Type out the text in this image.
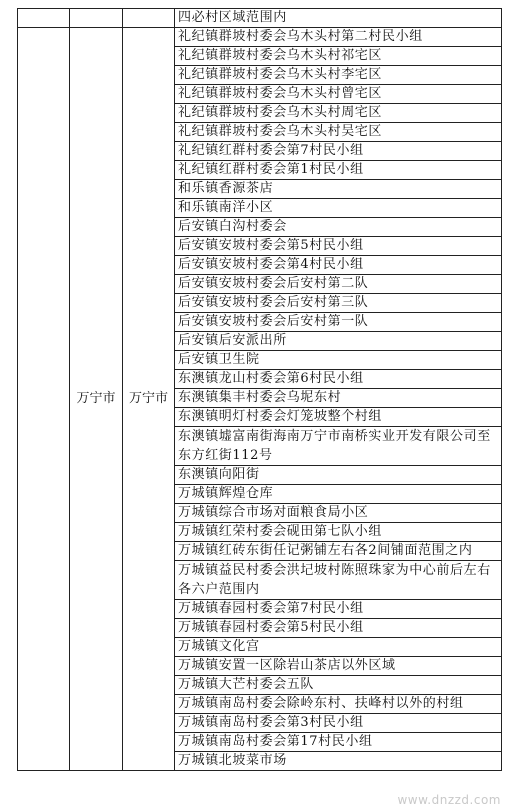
			四必村区域范围内
	万宁市	万宁市	礼纪镇群坡村委会乌木头村第二村民小组
			礼纪镇群坡村委会乌木头村祁宅区
			礼纪镇群坡村委会乌木头村李宅区
			礼纪镇群坡村委会乌木头村曾宅区
			礼纪镇群坡村委会乌木头村周宅区
			礼纪镇群坡村委会乌木头村吴宅区
			礼纪镇红群村委会第7村民小组
			礼纪镇红群村委会第1村民小组
			和乐镇香源茶店
			和乐镇南洋小区
			后安镇白沟村委会
			后安镇安坡村委会第5村民小组
			后安镇安坡村委会第4村民小组
			后安镇安坡村委会后安村第二队
			后安镇安坡村委会后安村第三队
			后安镇安坡村委会后安村第一队
			后安镇后安派出所
			后安镇卫生院
			东澳镇龙山村委会第6村民小组
			东澳镇集丰村委会乌坭东村
			东澳镇明灯村委会灯笼坡整个村组
			东澳镇墟富南街海南万宁市南桥实业开发有限公司至东方红街112号
			东澳镇向阳街
			万城镇辉煌仓库
			万城镇综合市场对面粮食局小区
			万城镇红荣村委会砚田第七队小组
			万城镇红砖东街任记粥铺左右各2间铺面范围之内
			万城镇益民村委会洪圮坡村陈照珠家为中心前后左右各六户范围内
			万城镇春园村委会第7村民小组
			万城镇春园村委会第5村民小组
			万城镇文化宫
			万城镇安置一区除岩山茶店以外区域
			万城镇大芒村委会五队
			万城镇南岛村委会除岭东村、扶峰村以外的村组
			万城镇南岛村委会第3村民小组
			万城镇南岛村委会第17村民小组
			万城镇北坡菜市场
www.dnzzd.com
